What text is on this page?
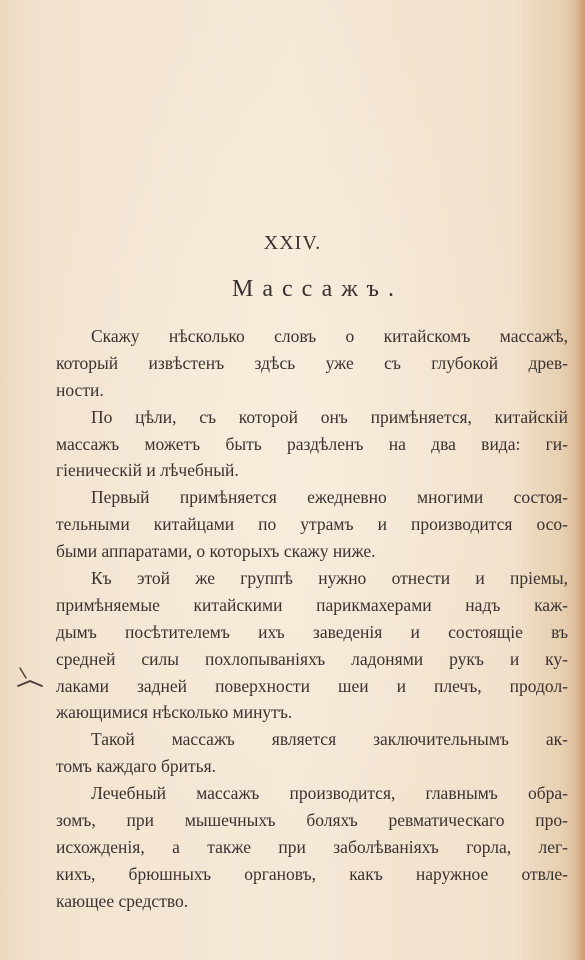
XXIV.
Массажъ.
Скажу нѣсколько словъ о китайскомъ массажѣ,
который извѣстенъ здѣсь уже съ глубокой древ-
ности.
По цѣли, съ которой онъ примѣняется, китайскій
массажъ можетъ быть раздѣленъ на два вида: ги-
гіеническій и лѣчебный.
Первый примѣняется ежедневно многими состоя-
тельными китайцами по утрамъ и производится осо-
быми аппаратами, о которыхъ скажу ниже.
Къ этой же группѣ нужно отнести и пріемы,
примѣняемые китайскими парикмахерами надъ каж-
дымъ посѣтителемъ ихъ заведенія и состоящіе въ
средней силы похлопываніяхъ ладонями рукъ и ку-
лаками задней поверхности шеи и плечъ, продол-
жающимися нѣсколько минутъ.
Такой массажъ является заключительнымъ ак-
томъ каждаго бритья.
Лечебный массажъ производится, главнымъ обра-
зомъ, при мышечныхъ боляхъ ревматическаго про-
исхожденія, а также при заболѣваніяхъ горла, лег-
кихъ, брюшныхъ органовъ, какъ наружное отвле-
кающее средство.
